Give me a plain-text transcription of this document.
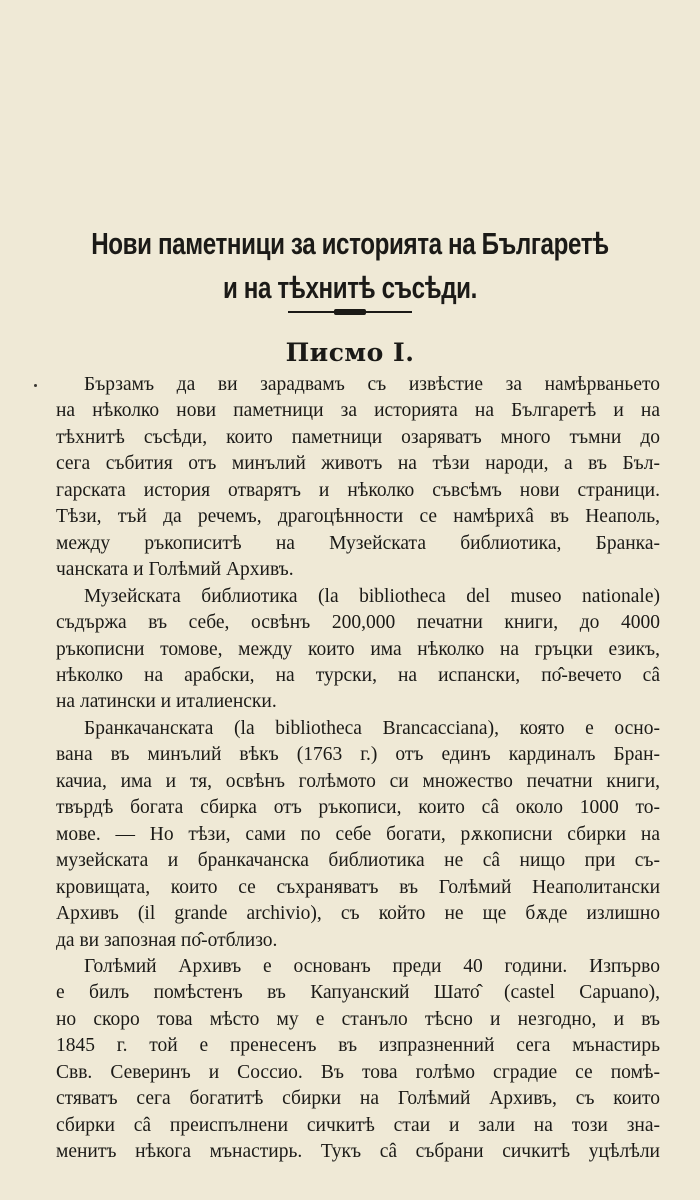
Нови паметници за историята на Българетѣ
и на тѣхнитѣ съсѣди.
Писмо I.
Бързамъ да ви зарадвамъ съ извѣстие за намѣрваньето
на нѣколко нови паметници за историята на Българетѣ и на
тѣхнитѣ съсѣди, които паметници озаряватъ много тъмни до
сега събития отъ минълий животъ на тѣзи народи, а въ Бъл-
гарската история отварятъ и нѣколко съвсѣмъ нови страници.
Тѣзи, тъй да речемъ, драгоцѣнности се намѣрихâ въ Неаполь,
между ръкописитѣ на Музейската библиотика, Бранка-
чанската и Голѣмий Архивъ.
Музейската библиотика (la bibliotheca del museo nationale)
съдържа въ себе, освѣнъ 200,000 печатни книги, до 4000
ръкописни томове, между които има нѣколко на гръцки езикъ,
нѣколко на арабски, на турски, на испански, по̂-вечето сâ
на латински и италиенски.
Бранкачанската (la bibliotheca Brancacciana), която е осно-
вана въ минълий вѣкъ (1763 г.) отъ единъ кардиналъ Бран-
качиа, има и тя, освѣнъ голѣмото си множество печатни книги,
твърдѣ богата сбирка отъ ръкописи, които сâ около 1000 то-
мове. — Но тѣзи, сами по себе богати, рѫкописни сбирки на
музейската и бранкачанска библиотика не сâ нищо при съ-
кровищата, които се съхраняватъ въ Голѣмий Неаполитански
Архивъ (il grande archivio), съ който не ще бѫде излишно
да ви запозная по̂-отблизо.
Голѣмий Архивъ е основанъ преди 40 години. Изпърво
е билъ помѣстенъ въ Капуанский Шато̂ (castel Capuano),
но скоро това мѣсто му е станъло тѣсно и незгодно, и въ
1845 г. той е пренесенъ въ изпразненний сега мънастирь
Свв. Северинъ и Соссио. Въ това голѣмо сградие се помѣ-
стяватъ сега богатитѣ сбирки на Голѣмий Архивъ, съ които
сбирки сâ преиспълнени сичкитѣ стаи и зали на този зна-
менитъ нѣкога мънастирь. Тукъ сâ събрани сичкитѣ уцѣлѣли
